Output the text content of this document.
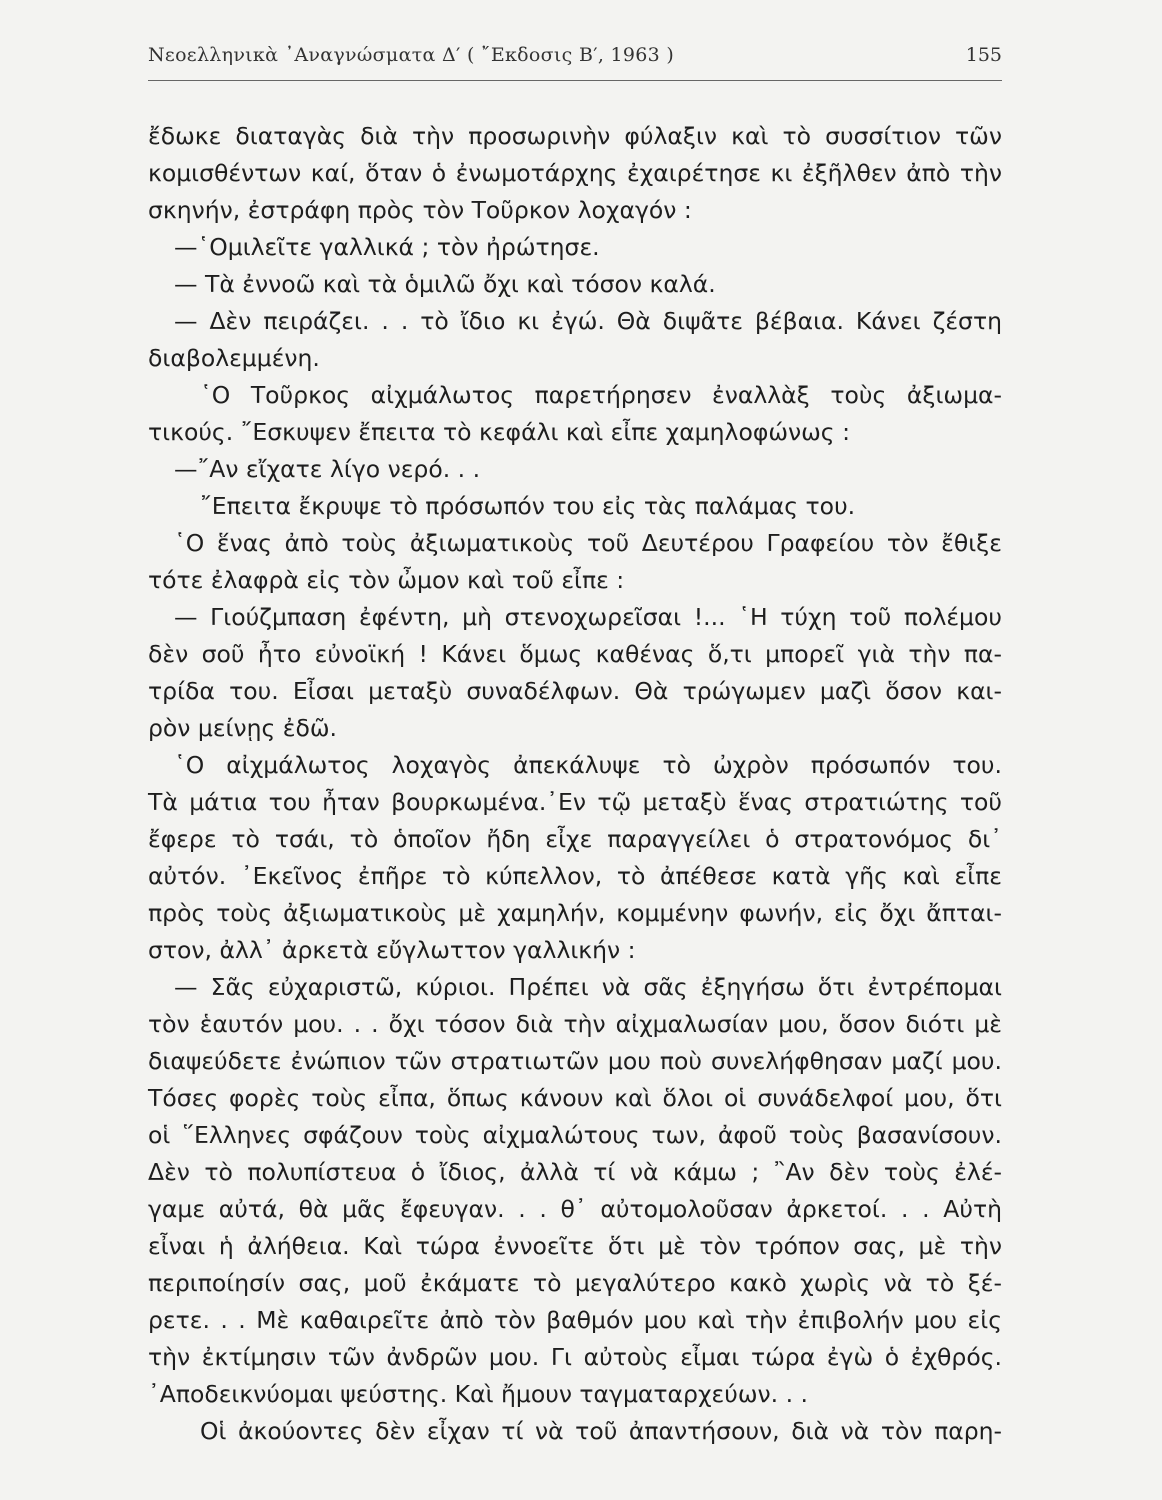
Νεοελληνικὰ ᾿Αναγνώσματα Δ′ ( ῎Εκδοσις Β′, 1963 )	155
ἔδωκε διαταγὰς διὰ τὴν προσωρινὴν φύλαξιν καὶ τὸ συσσίτιον τῶν
κομισθέντων καί, ὅταν ὁ ἐνωμοτάρχης ἐχαιρέτησε κι ἐξῆλθεν ἀπὸ τὴν
σκηνήν, ἐστράφη πρὸς τὸν Τοῦρκον λοχαγόν :
—῾Ομιλεῖτε γαλλικά ; τὸν ἠρώτησε.
— Τὰ ἐννοῶ καὶ τὰ ὁμιλῶ ὄχι καὶ τόσον καλά.
— Δὲν πειράζει. . . τὸ ἴδιο κι ἐγώ. Θὰ διψᾶτε βέβαια. Κάνει ζέστη
διαβολεμμένη.
῾Ο Τοῦρκος αἰχμάλωτος παρετήρησεν ἐναλλὰξ τοὺς ἀξιωμα-
τικούς. ῎Εσκυψεν ἔπειτα τὸ κεφάλι καὶ εἶπε χαμηλοφώνως :
—῎Αν εἴχατε λίγο νερό. . .
῎Επειτα ἔκρυψε τὸ πρόσωπόν του εἰς τὰς παλάμας του.
῾Ο ἕνας ἀπὸ τοὺς ἀξιωματικοὺς τοῦ Δευτέρου Γραφείου τὸν ἔθιξε
τότε ἐλαφρὰ εἰς τὸν ὦμον καὶ τοῦ εἶπε :
— Γιούζμπαση ἐφέντη, μὴ στενοχωρεῖσαι !... ῾Η τύχη τοῦ πολέμου
δὲν σοῦ ἦτο εὐνοϊκή ! Κάνει ὅμως καθένας ὅ,τι μπορεῖ γιὰ τὴν πα-
τρίδα του. Εἶσαι μεταξὺ συναδέλφων. Θὰ τρώγωμεν μαζὶ ὅσον και-
ρὸν μείνῃς ἐδῶ.
῾Ο αἰχμάλωτος λοχαγὸς ἀπεκάλυψε τὸ ὠχρὸν πρόσωπόν του.
Τὰ μάτια του ἦταν βουρκωμένα.᾿Εν τῷ μεταξὺ ἕνας στρατιώτης τοῦ
ἔφερε τὸ τσάι, τὸ ὁποῖον ἤδη εἶχε παραγγείλει ὁ στρατονόμος δι᾿
αὐτόν. ᾿Εκεῖνος ἐπῆρε τὸ κύπελλον, τὸ ἀπέθεσε κατὰ γῆς καὶ εἶπε
πρὸς τοὺς ἀξιωματικοὺς μὲ χαμηλήν, κομμένην φωνήν, εἰς ὄχι ἄπται-
στον, ἀλλ᾿ ἀρκετὰ εὔγλωττον γαλλικήν :
— Σᾶς εὐχαριστῶ, κύριοι. Πρέπει νὰ σᾶς ἐξηγήσω ὅτι ἐντρέπομαι
τὸν ἑαυτόν μου. . . ὄχι τόσον διὰ τὴν αἰχμαλωσίαν μου, ὅσον διότι μὲ
διαψεύδετε ἐνώπιον τῶν στρατιωτῶν μου ποὺ συνελήφθησαν μαζί μου.
Τόσες φορὲς τοὺς εἶπα, ὅπως κάνουν καὶ ὅλοι οἱ συνάδελφοί μου, ὅτι
οἱ ῞Ελληνες σφάζουν τοὺς αἰχμαλώτους των, ἀφοῦ τοὺς βασανίσουν.
Δὲν τὸ πολυπίστευα ὁ ἴδιος, ἀλλὰ τί νὰ κάμω ; ῍Αν δὲν τοὺς ἐλέ-
γαμε αὐτά, θὰ μᾶς ἔφευγαν. . . θ᾿ αὐτομολοῦσαν ἀρκετοί. . . Αὐτὴ
εἶναι ἡ ἀλήθεια. Καὶ τώρα ἐννοεῖτε ὅτι μὲ τὸν τρόπον σας, μὲ τὴν
περιποίησίν σας, μοῦ ἐκάματε τὸ μεγαλύτερο κακὸ χωρὶς νὰ τὸ ξέ-
ρετε. . . Μὲ καθαιρεῖτε ἀπὸ τὸν βαθμόν μου καὶ τὴν ἐπιβολήν μου εἰς
τὴν ἐκτίμησιν τῶν ἀνδρῶν μου. Γι αὐτοὺς εἶμαι τώρα ἐγὼ ὁ ἐχθρός.
᾿Αποδεικνύομαι ψεύστης. Καὶ ἤμουν ταγματαρχεύων. . .
Οἱ ἀκούοντες δὲν εἶχαν τί νὰ τοῦ ἀπαντήσουν, διὰ νὰ τὸν παρη-
